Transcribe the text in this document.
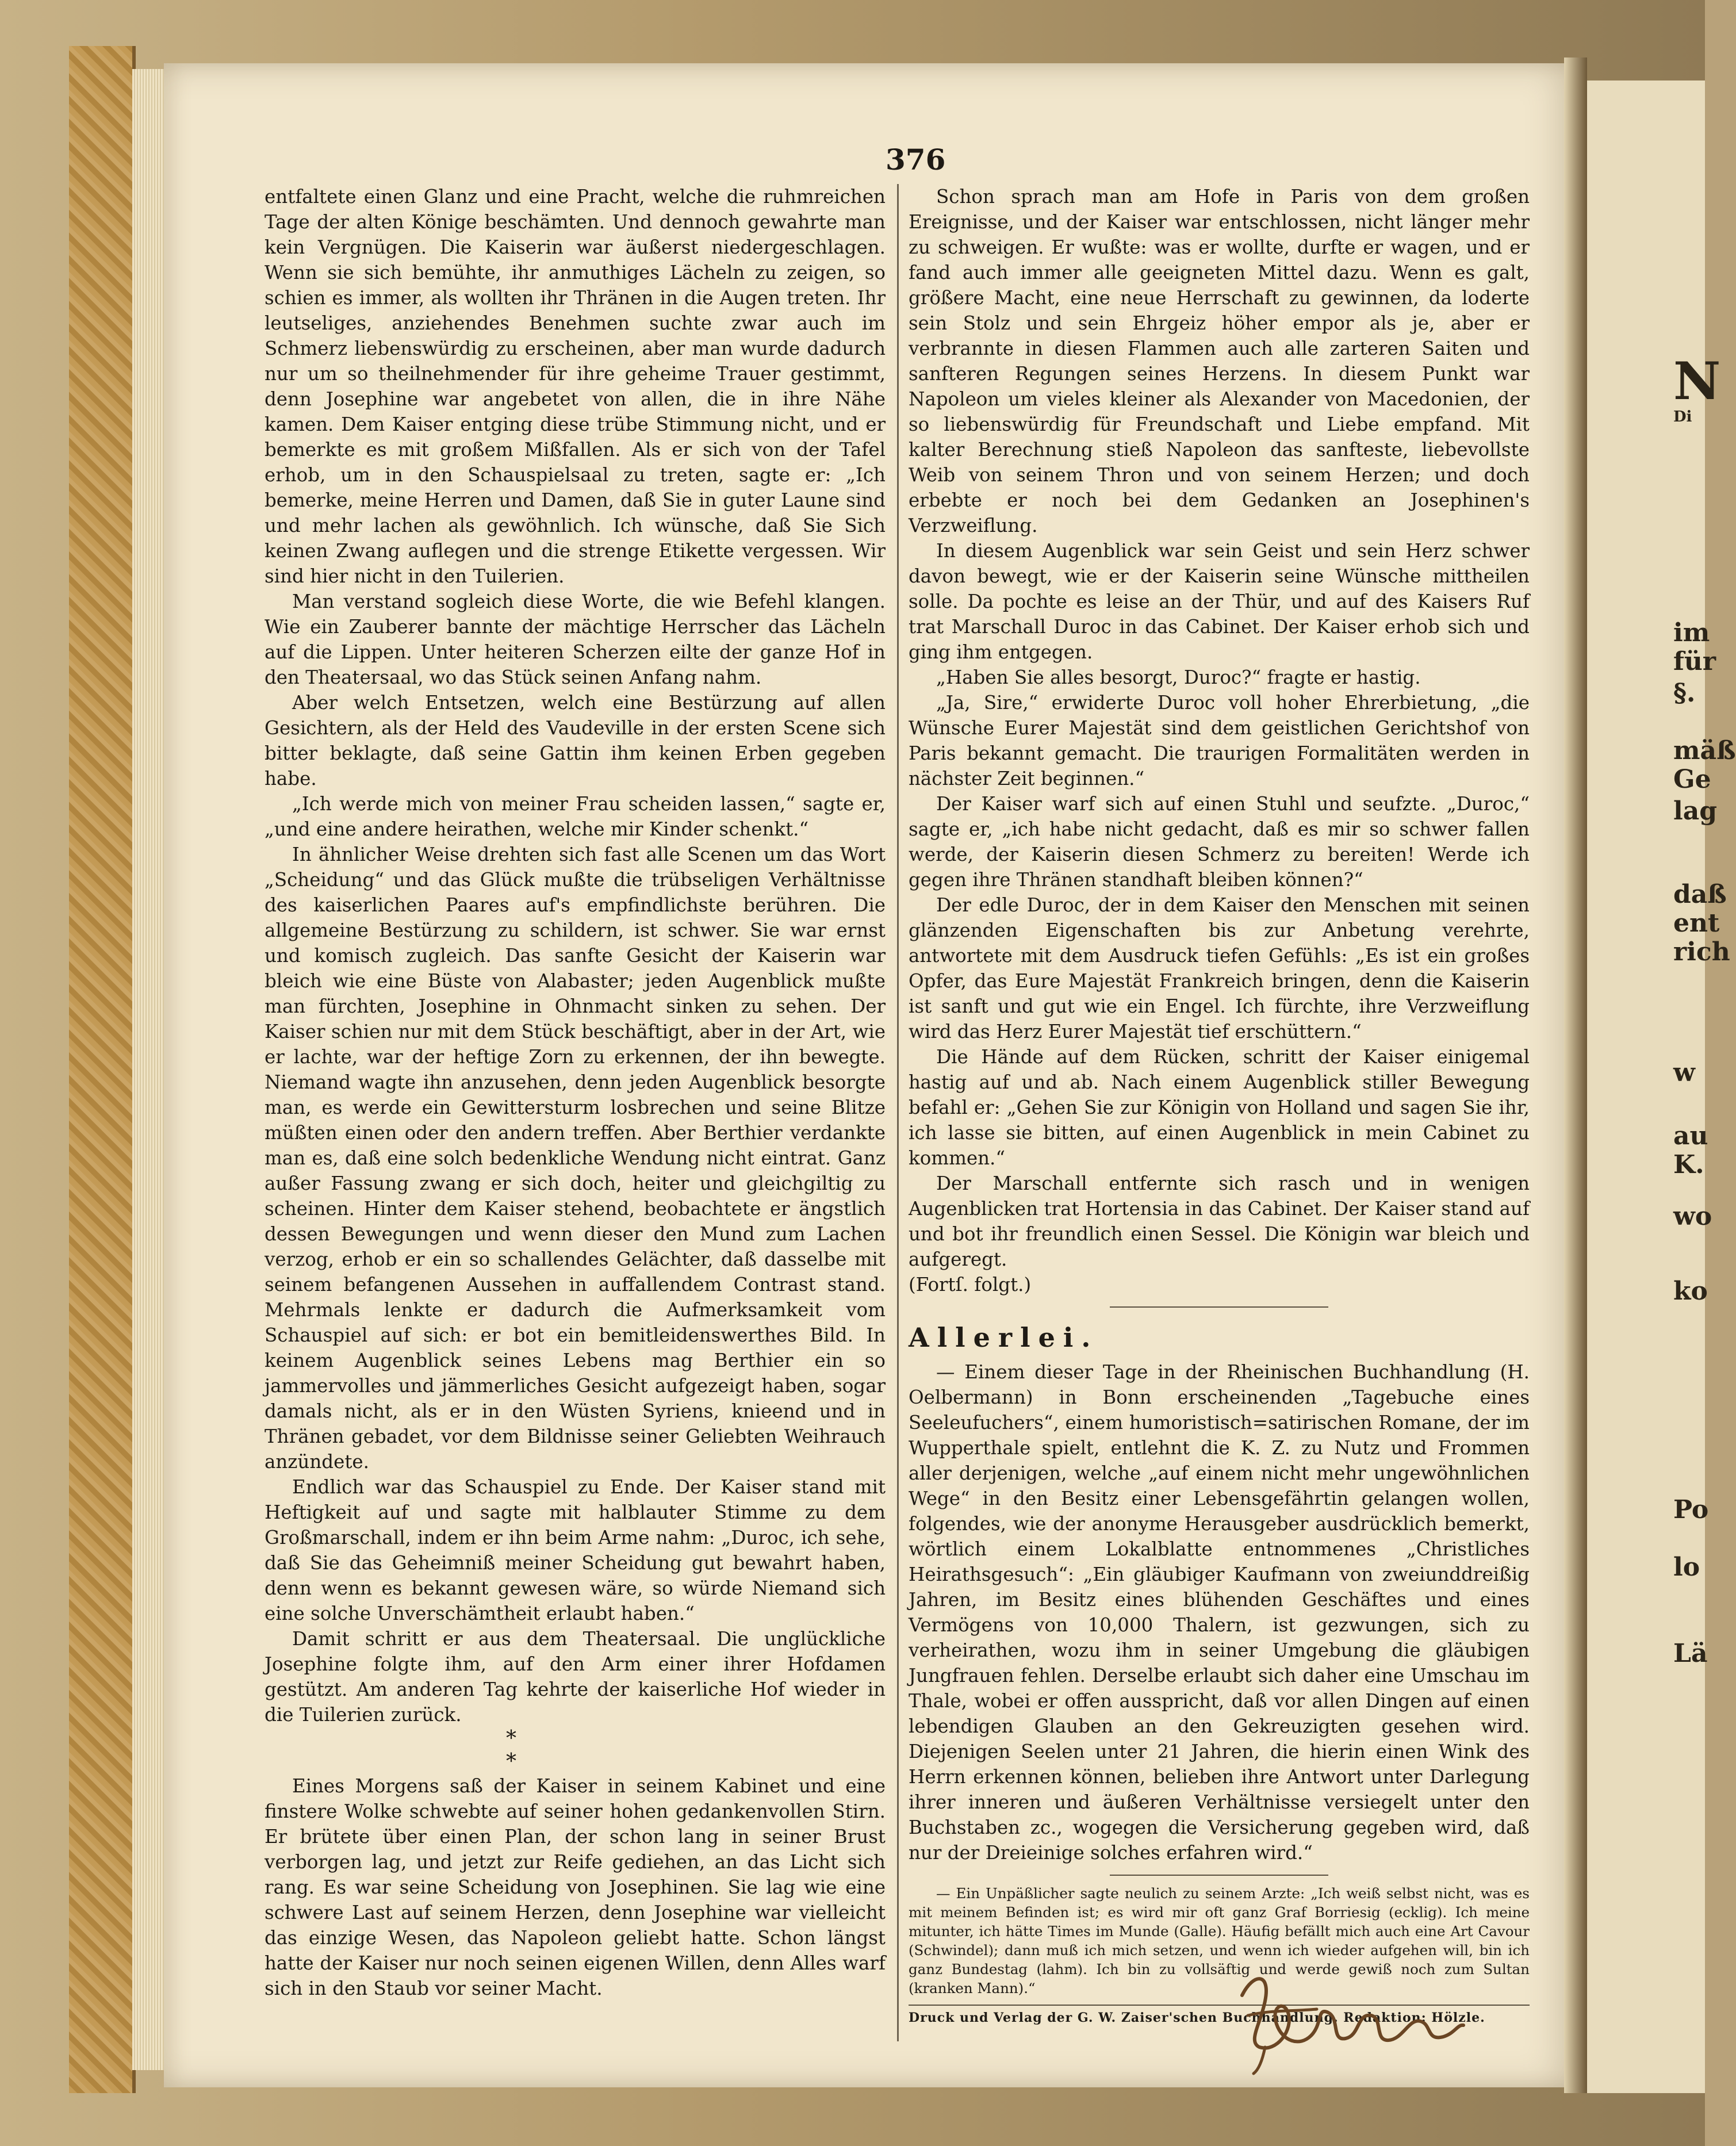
N
Di
im
für
§.
mäß
Ge
lag
daß
ent
rich
w
au
K.
wo
ko
Po
lo
Lä
376

entfaltete einen Glanz und eine Pracht, welche die ruhmreichen Tage der alten Könige beschämten. Und dennoch gewahrte man kein Vergnügen. Die Kaiserin war äußerst niedergeschlagen. Wenn sie sich bemühte, ihr anmuthiges Lächeln zu zeigen, so schien es immer, als wollten ihr Thränen in die Augen treten. Ihr leutseliges, anziehendes Benehmen suchte zwar auch im Schmerz liebenswürdig zu erscheinen, aber man wurde dadurch nur um so theilnehmender für ihre geheime Trauer gestimmt, denn Josephine war angebetet von allen, die in ihre Nähe kamen. Dem Kaiser entging diese trübe Stimmung nicht, und er bemerkte es mit großem Mißfallen. Als er sich von der Tafel erhob, um in den Schauspielsaal zu treten, sagte er: „Ich bemerke, meine Herren und Damen, daß Sie in guter Laune sind und mehr lachen als gewöhnlich. Ich wünsche, daß Sie Sich keinen Zwang auflegen und die strenge Etikette vergessen. Wir sind hier nicht in den Tuilerien.

Man verstand sogleich diese Worte, die wie Befehl klangen. Wie ein Zauberer bannte der mächtige Herrscher das Lächeln auf die Lippen. Unter heiteren Scherzen eilte der ganze Hof in den Theatersaal, wo das Stück seinen Anfang nahm.

Aber welch Entsetzen, welch eine Bestürzung auf allen Gesichtern, als der Held des Vaudeville in der ersten Scene sich bitter beklagte, daß seine Gattin ihm keinen Erben gegeben habe.

„Ich werde mich von meiner Frau scheiden lassen,“ sagte er, „und eine andere heirathen, welche mir Kinder schenkt.“

In ähnlicher Weise drehten sich fast alle Scenen um das Wort „Scheidung“ und das Glück mußte die trübseligen Verhältnisse des kaiserlichen Paares auf's empfindlichste berühren. Die allgemeine Bestürzung zu schildern, ist schwer. Sie war ernst und komisch zugleich. Das sanfte Gesicht der Kaiserin war bleich wie eine Büste von Alabaster; jeden Augenblick mußte man fürchten, Josephine in Ohnmacht sinken zu sehen. Der Kaiser schien nur mit dem Stück beschäftigt, aber in der Art, wie er lachte, war der heftige Zorn zu erkennen, der ihn bewegte. Niemand wagte ihn anzusehen, denn jeden Augenblick besorgte man, es werde ein Gewittersturm losbrechen und seine Blitze müßten einen oder den andern treffen. Aber Berthier verdankte man es, daß eine solch bedenkliche Wendung nicht eintrat. Ganz außer Fassung zwang er sich doch, heiter und gleichgiltig zu scheinen. Hinter dem Kaiser stehend, beobachtete er ängstlich dessen Bewegungen und wenn dieser den Mund zum Lachen verzog, erhob er ein so schallendes Gelächter, daß dasselbe mit seinem befangenen Aussehen in auffallendem Contrast stand. Mehrmals lenkte er dadurch die Aufmerksamkeit vom Schauspiel auf sich: er bot ein bemitleidenswerthes Bild. In keinem Augenblick seines Lebens mag Berthier ein so jammervolles und jämmerliches Gesicht aufgezeigt haben, sogar damals nicht, als er in den Wüsten Syriens, knieend und in Thränen gebadet, vor dem Bildnisse seiner Geliebten Weihrauch anzündete.

Endlich war das Schauspiel zu Ende. Der Kaiser stand mit Heftigkeit auf und sagte mit halblauter Stimme zu dem Großmarschall, indem er ihn beim Arme nahm: „Duroc, ich sehe, daß Sie das Geheimniß meiner Scheidung gut bewahrt haben, denn wenn es bekannt gewesen wäre, so würde Niemand sich eine solche Unverschämtheit erlaubt haben.“

Damit schritt er aus dem Theatersaal. Die unglückliche Josephine folgte ihm, auf den Arm einer ihrer Hofdamen gestützt. Am anderen Tag kehrte der kaiserliche Hof wieder in die Tuilerien zurück.

* *

Eines Morgens saß der Kaiser in seinem Kabinet und eine finstere Wolke schwebte auf seiner hohen gedankenvollen Stirn. Er brütete über einen Plan, der schon lang in seiner Brust verborgen lag, und jetzt zur Reife gediehen, an das Licht sich rang. Es war seine Scheidung von Josephinen. Sie lag wie eine schwere Last auf seinem Herzen, denn Josephine war vielleicht das einzige Wesen, das Napoleon geliebt hatte. Schon längst hatte der Kaiser nur noch seinen eigenen Willen, denn Alles warf sich in den Staub vor seiner Macht.

Schon sprach man am Hofe in Paris von dem großen Ereignisse, und der Kaiser war entschlossen, nicht länger mehr zu schweigen. Er wußte: was er wollte, durfte er wagen, und er fand auch immer alle geeigneten Mittel dazu. Wenn es galt, größere Macht, eine neue Herrschaft zu gewinnen, da loderte sein Stolz und sein Ehrgeiz höher empor als je, aber er verbrannte in diesen Flammen auch alle zarteren Saiten und sanfteren Regungen seines Herzens. In diesem Punkt war Napoleon um vieles kleiner als Alexander von Macedonien, der so liebenswürdig für Freundschaft und Liebe empfand. Mit kalter Berechnung stieß Napoleon das sanfteste, liebevollste Weib von seinem Thron und von seinem Herzen; und doch erbebte er noch bei dem Gedanken an Josephinen's Verzweiflung.

In diesem Augenblick war sein Geist und sein Herz schwer davon bewegt, wie er der Kaiserin seine Wünsche mittheilen solle. Da pochte es leise an der Thür, und auf des Kaisers Ruf trat Marschall Duroc in das Cabinet. Der Kaiser erhob sich und ging ihm entgegen.

„Haben Sie alles besorgt, Duroc?“ fragte er hastig.

„Ja, Sire,“ erwiderte Duroc voll hoher Ehrerbietung, „die Wünsche Eurer Majestät sind dem geistlichen Gerichtshof von Paris bekannt gemacht. Die traurigen Formalitäten werden in nächster Zeit beginnen.“

Der Kaiser warf sich auf einen Stuhl und seufzte. „Duroc,“ sagte er, „ich habe nicht gedacht, daß es mir so schwer fallen werde, der Kaiserin diesen Schmerz zu bereiten! Werde ich gegen ihre Thränen standhaft bleiben können?“

Der edle Duroc, der in dem Kaiser den Menschen mit seinen glänzenden Eigenschaften bis zur Anbetung verehrte, antwortete mit dem Ausdruck tiefen Gefühls: „Es ist ein großes Opfer, das Eure Majestät Frankreich bringen, denn die Kaiserin ist sanft und gut wie ein Engel. Ich fürchte, ihre Verzweiflung wird das Herz Eurer Majestät tief erschüttern.“

Die Hände auf dem Rücken, schritt der Kaiser einigemal hastig auf und ab. Nach einem Augenblick stiller Bewegung befahl er: „Gehen Sie zur Königin von Holland und sagen Sie ihr, ich lasse sie bitten, auf einen Augenblick in mein Cabinet zu kommen.“

Der Marschall entfernte sich rasch und in wenigen Augenblicken trat Hortensia in das Cabinet. Der Kaiser stand auf und bot ihr freundlich einen Sessel. Die Königin war bleich und aufgeregt.

(Fortſ. folgt.)

Allerlei.

— Einem dieser Tage in der Rheinischen Buchhandlung (H. Oelbermann) in Bonn erscheinenden „Tagebuche eines Seeleufuchers“, einem humoristisch=satirischen Romane, der im Wupperthale spielt, entlehnt die K. Z. zu Nutz und Frommen aller derjenigen, welche „auf einem nicht mehr ungewöhnlichen Wege“ in den Besitz einer Lebensgefährtin gelangen wollen, folgendes, wie der anonyme Herausgeber ausdrücklich bemerkt, wörtlich einem Lokalblatte entnommenes „Christliches Heirathsgesuch“: „Ein gläubiger Kaufmann von zweiunddreißig Jahren, im Besitz eines blühenden Geschäftes und eines Vermögens von 10,000 Thalern, ist gezwungen, sich zu verheirathen, wozu ihm in seiner Umgebung die gläubigen Jungfrauen fehlen. Derselbe erlaubt sich daher eine Umschau im Thale, wobei er offen ausspricht, daß vor allen Dingen auf einen lebendigen Glauben an den Gekreuzigten gesehen wird. Diejenigen Seelen unter 21 Jahren, die hierin einen Wink des Herrn erkennen können, belieben ihre Antwort unter Darlegung ihrer inneren und äußeren Verhältnisse versiegelt unter den Buchstaben zc., wogegen die Versicherung gegeben wird, daß nur der Dreieinige solches erfahren wird.“

— Ein Unpäßlicher sagte neulich zu seinem Arzte: „Ich weiß selbst nicht, was es mit meinem Befinden ist; es wird mir oft ganz Graf Borriesig (ecklig). Ich meine mitunter, ich hätte Times im Munde (Galle). Häufig befällt mich auch eine Art Cavour (Schwindel); dann muß ich mich setzen, und wenn ich wieder aufgehen will, bin ich ganz Bundestag (lahm). Ich bin zu vollsäftig und werde gewiß noch zum Sultan (kranken Mann).“

Druck und Verlag der G. W. Zaiser'schen Buchhandlung. Redaktion: Hölzle.
